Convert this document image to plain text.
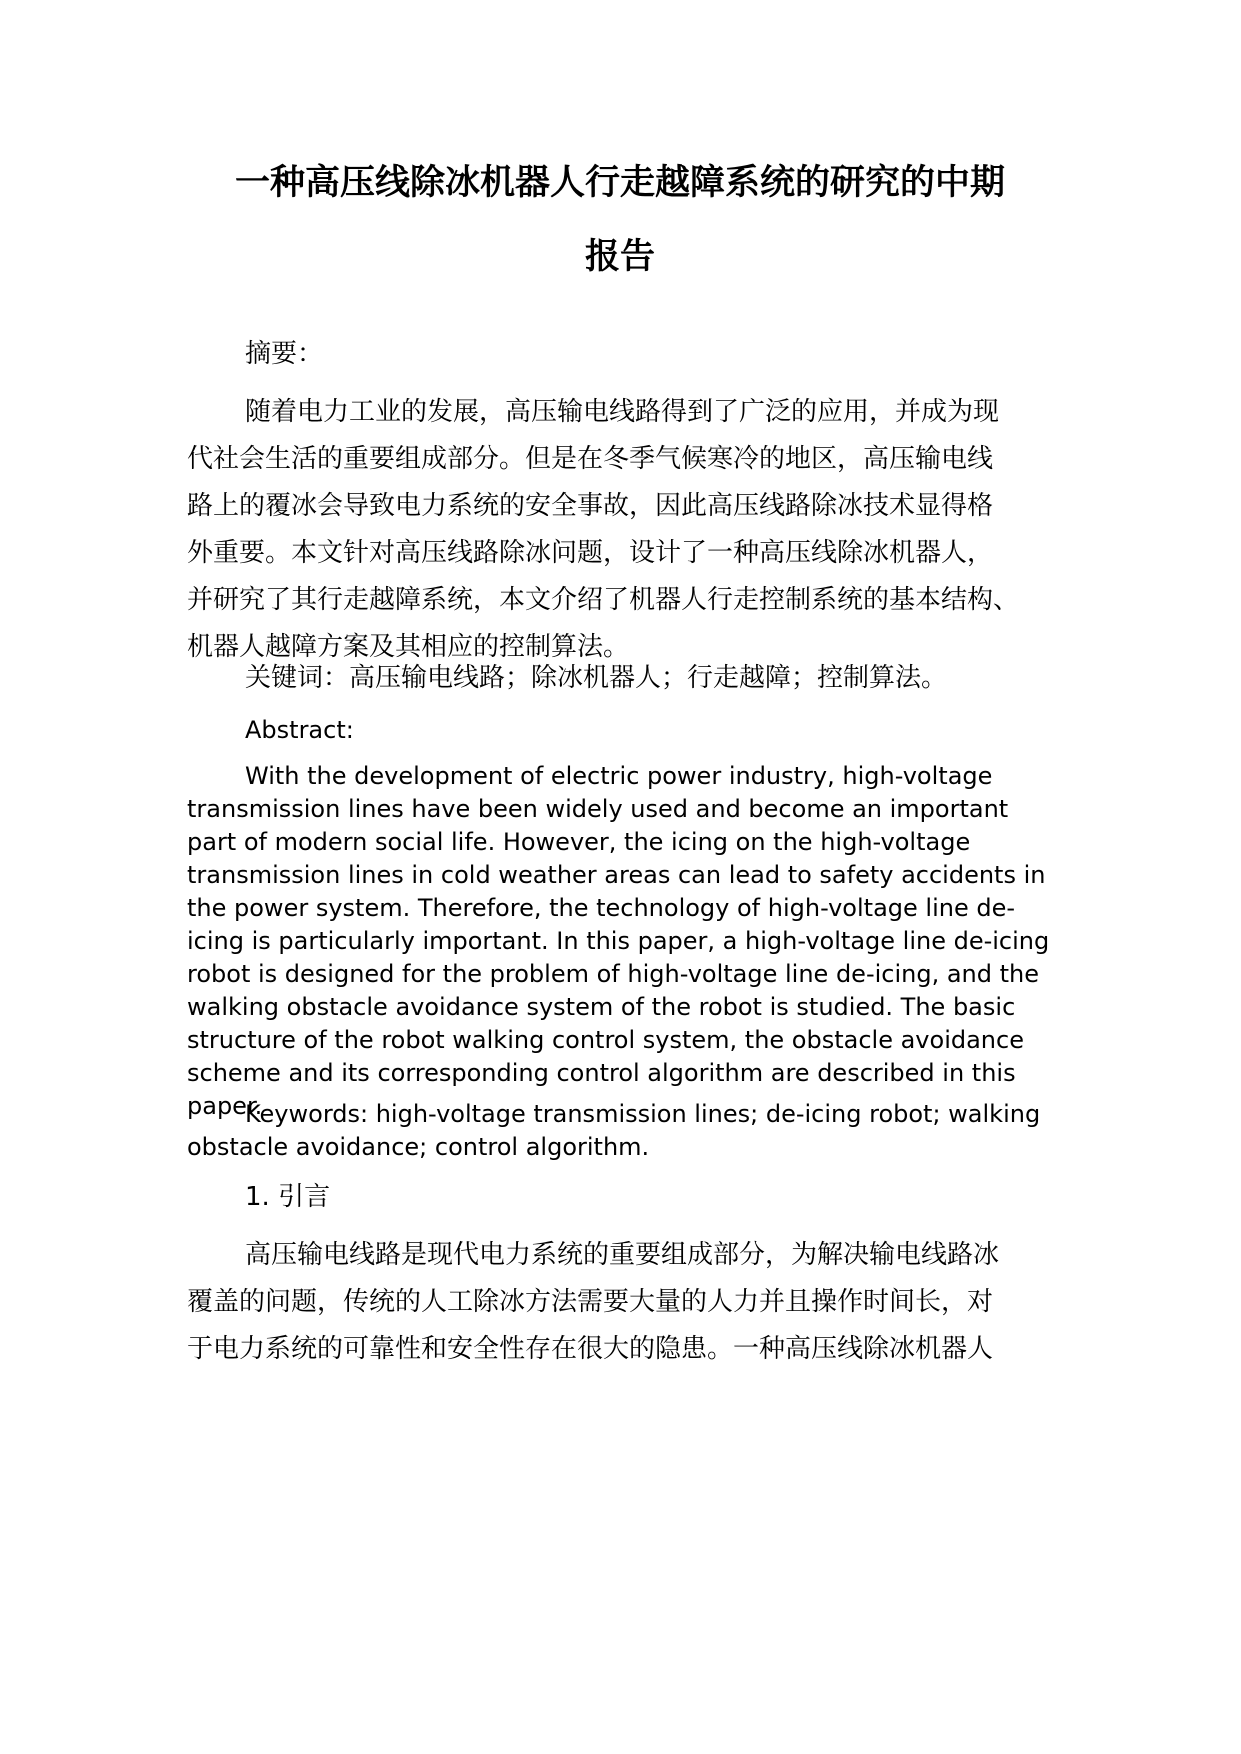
一种高压线除冰机器人行走越障系统的研究的中期
报告

摘要：

随着电力工业的发展，高压输电线路得到了广泛的应用，并成为现
代社会生活的重要组成部分。但是在冬季气候寒冷的地区，高压输电线
路上的覆冰会导致电力系统的安全事故，因此高压线路除冰技术显得格
外重要。本文针对高压线路除冰问题，设计了一种高压线除冰机器人，
并研究了其行走越障系统，本文介绍了机器人行走控制系统的基本结构、
机器人越障方案及其相应的控制算法。

关键词：高压输电线路；除冰机器人；行走越障；控制算法。

Abstract:

With the development of electric power industry, high-voltage
transmission lines have been widely used and become an important
part of modern social life. However, the icing on the high-voltage
transmission lines in cold weather areas can lead to safety accidents in
the power system. Therefore, the technology of high-voltage line de-
icing is particularly important. In this paper, a high-voltage line de-icing
robot is designed for the problem of high-voltage line de-icing, and the
walking obstacle avoidance system of the robot is studied. The basic
structure of the robot walking control system, the obstacle avoidance
scheme and its corresponding control algorithm are described in this
paper.

Keywords: high-voltage transmission lines; de-icing robot; walking
obstacle avoidance; control algorithm.

1. 引言

高压输电线路是现代电力系统的重要组成部分，为解决输电线路冰
覆盖的问题，传统的人工除冰方法需要大量的人力并且操作时间长，对
于电力系统的可靠性和安全性存在很大的隐患。一种高压线除冰机器人
